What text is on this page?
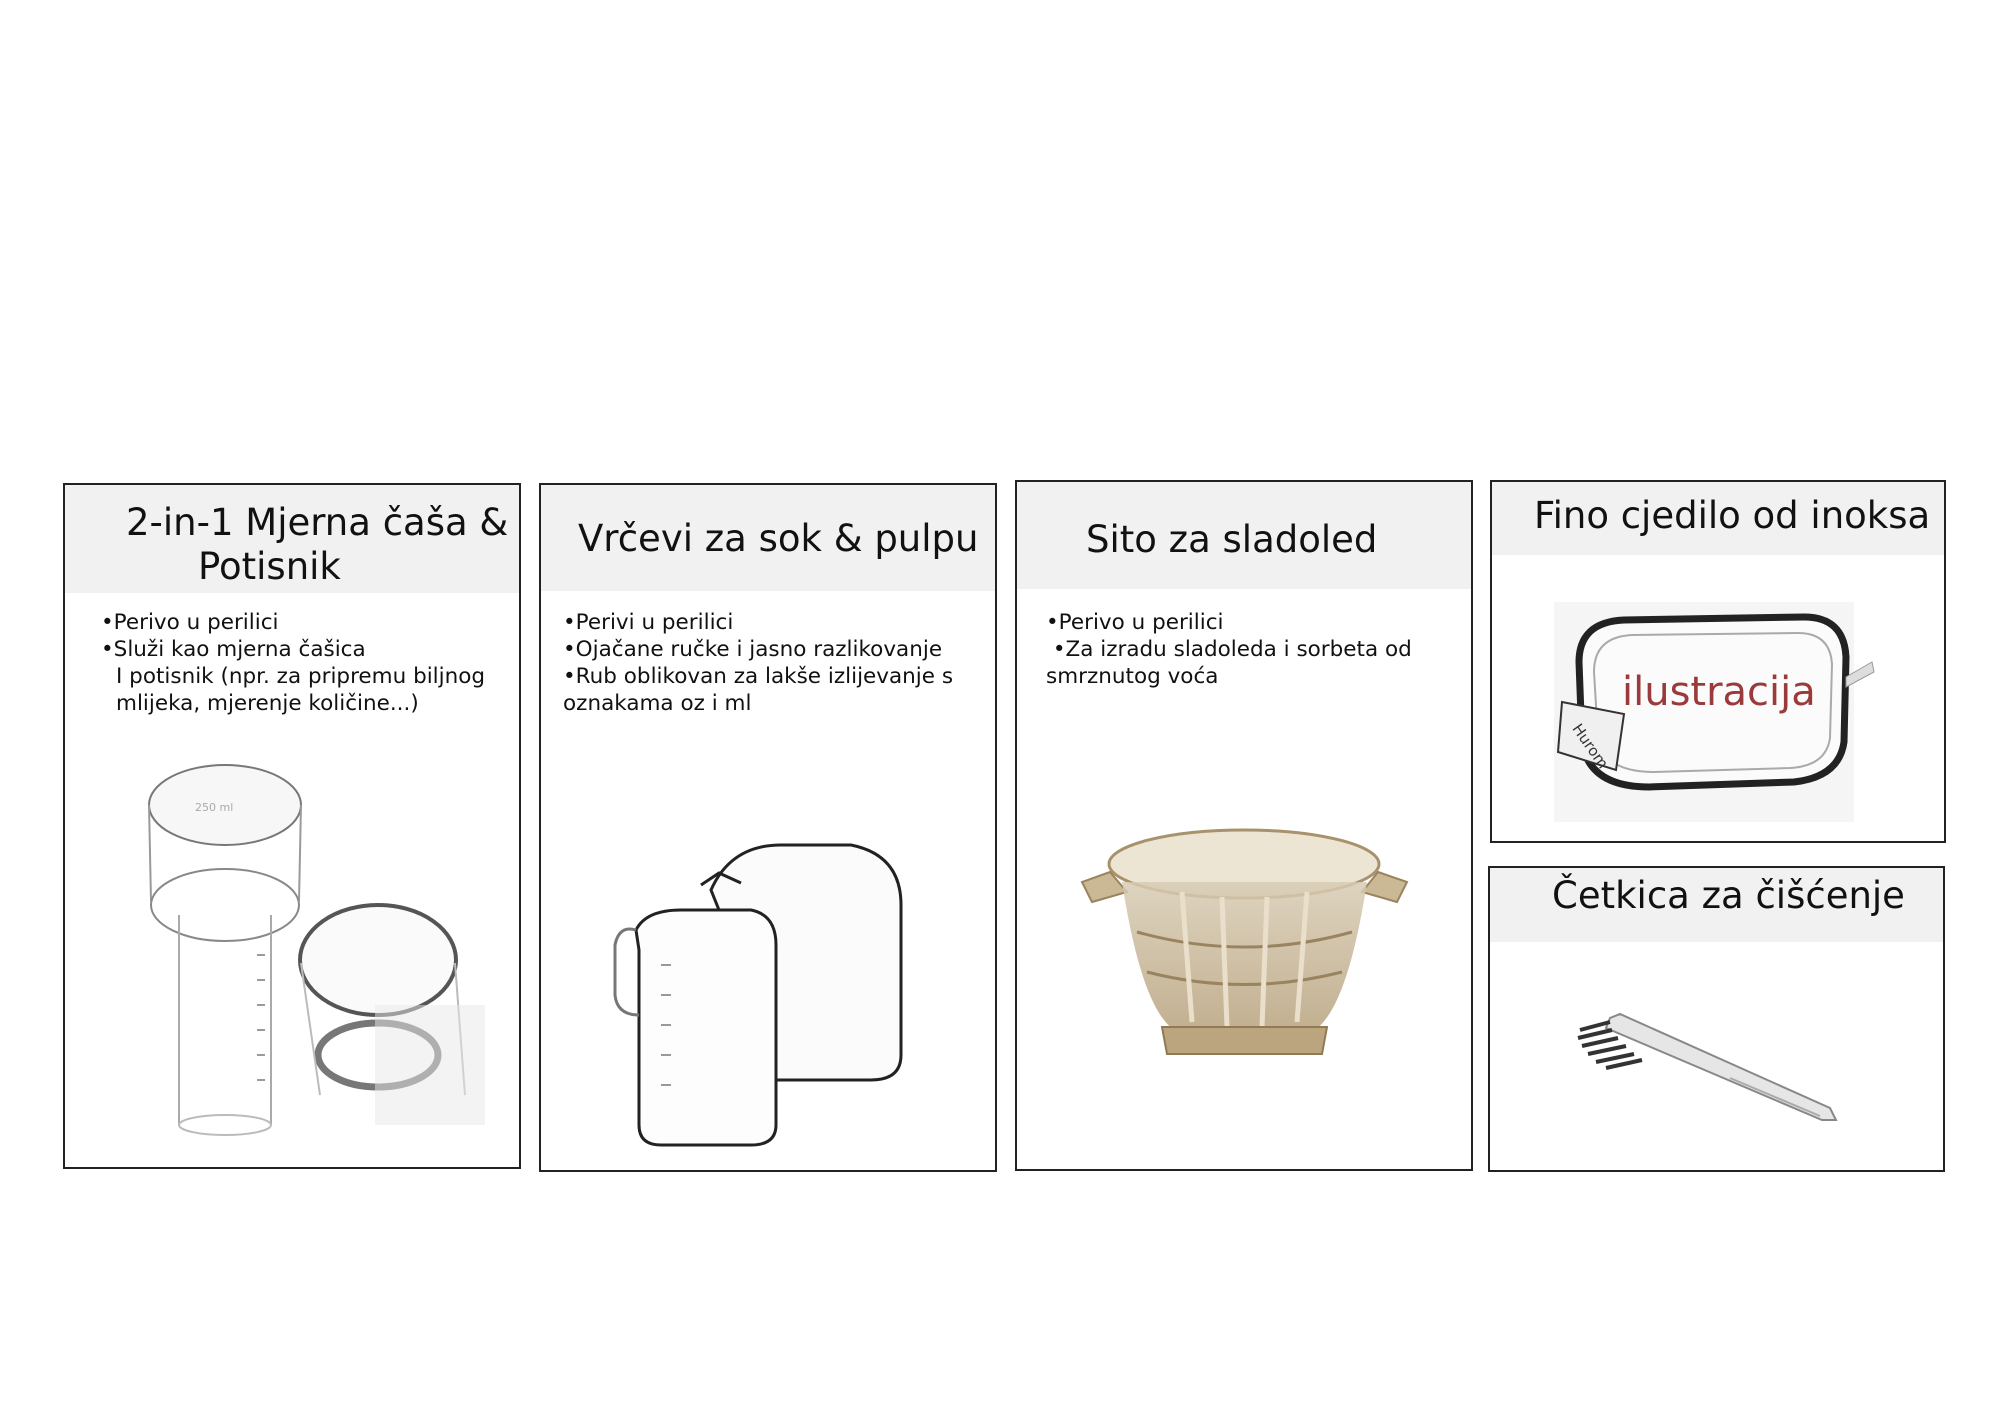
2-in-1 Mjerna čaša &
Potisnik
•Perivo u perilici
•Služi kao mjerna čašica
I potisnik (npr. za pripremu biljnog
mlijeka, mjerenje količine...)
250 ml
Vrčevi za sok & pulpu
•Perivi u perilici
•Ojačane ručke i jasno razlikovanje
•Rub oblikovan za lakše izlijevanje s
oznakama oz i ml
Sito za sladoled
•Perivo u perilici
•Za izradu sladoleda i sorbeta od
smrznutog voća
Fino cjedilo od inoksa
Hurom
ilustracija
Četkica za čišćenje
